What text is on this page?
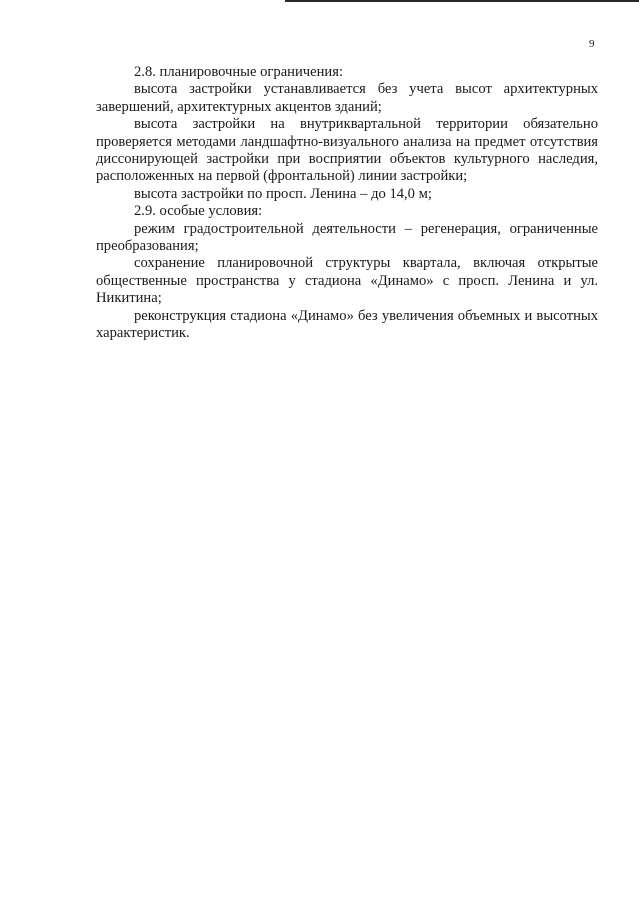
9

2.8. планировочные ограничения:

высота застройки устанавливается без учета высот архитектурных завершений, архитектурных акцентов зданий;

высота застройки на внутриквартальной территории обязательно проверяется методами ландшафтно-визуального анализа на предмет отсутствия диссонирующей застройки при восприятии объектов культурного наследия, расположенных на первой (фронтальной) линии застройки;

высота застройки по просп. Ленина – до 14,0 м;

2.9. особые условия:

режим градостроительной деятельности – регенерация, ограниченные преобразования;

сохранение планировочной структуры квартала, включая открытые общественные пространства у стадиона «Динамо» с просп. Ленина и ул. Никитина;

реконструкция стадиона «Динамо» без увеличения объемных и высотных характеристик.
